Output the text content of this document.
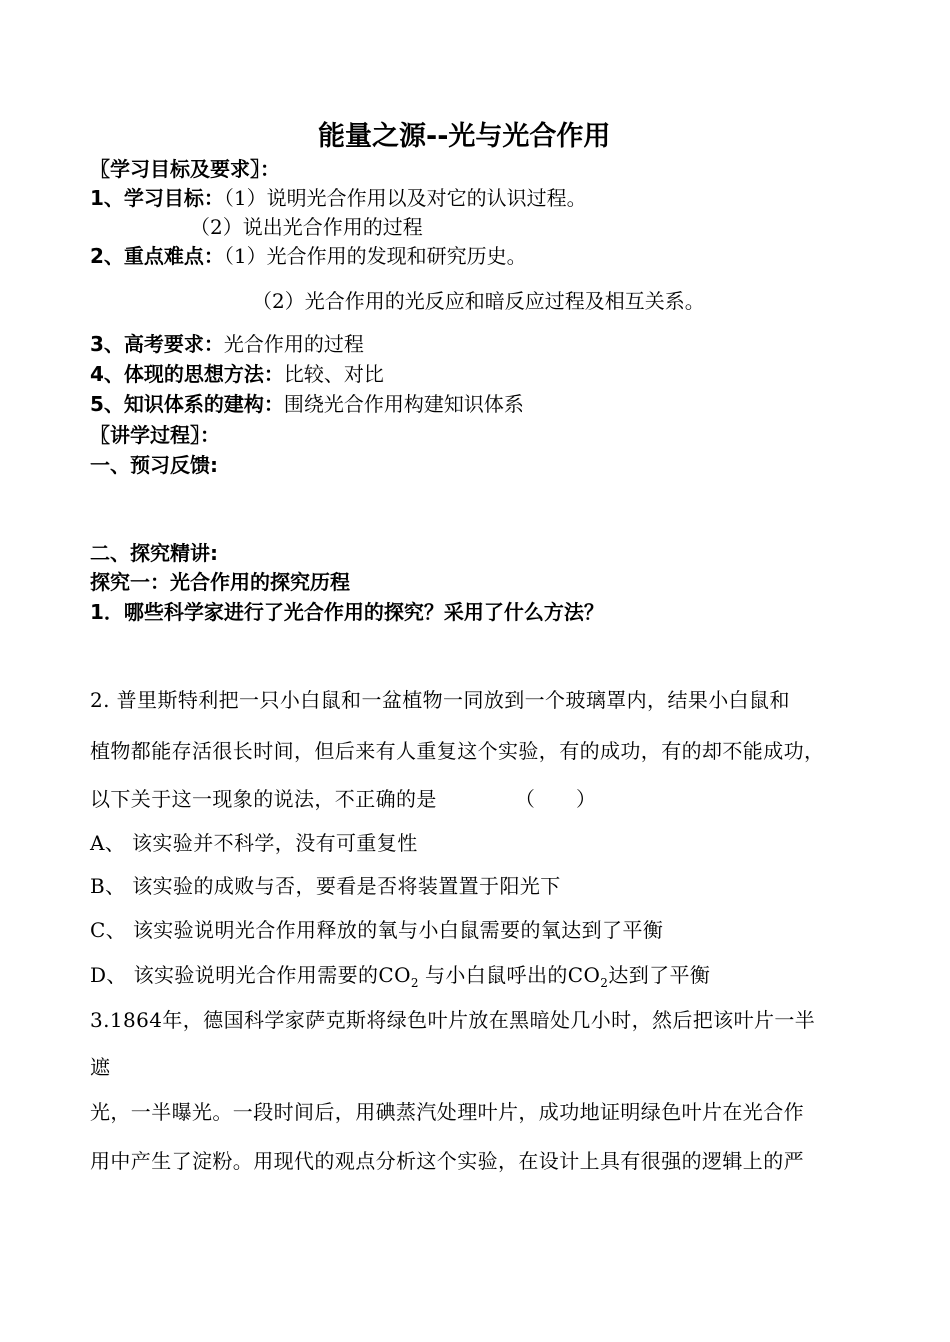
能量之源--光与光合作用
〖学习目标及要求〗：
1、学习目标：（1）说明光合作用以及对它的认识过程。
（2）说出光合作用的过程
2、重点难点：（1）光合作用的发现和研究历史。
（2）光合作用的光反应和暗反应过程及相互关系。
3、高考要求：光合作用的过程
4、体现的思想方法：比较、对比
5、知识体系的建构：围绕光合作用构建知识体系
〖讲学过程〗：
一、预习反馈:
二、探究精讲:
探究一：光合作用的探究历程
1．哪些科学家进行了光合作用的探究？采用了什么方法？
2. 普里斯特利把一只小白鼠和一盆植物一同放到一个玻璃罩内，结果小白鼠和
植物都能存活很长时间，但后来有人重复这个实验，有的成功，有的却不能成功，
以下关于这一现象的说法，不正确的是	（　　）
A、 该实验并不科学，没有可重复性
B、 该实验的成败与否，要看是否将装置置于阳光下
C、 该实验说明光合作用释放的氧与小白鼠需要的氧达到了平衡
D、 该实验说明光合作用需要的$CO_2$ 与小白鼠呼出的$CO_2$达到了平衡
3.1864年，德国科学家萨克斯将绿色叶片放在黑暗处几小时，然后把该叶片一半
遮
光，一半曝光。一段时间后，用碘蒸汽处理叶片，成功地证明绿色叶片在光合作
用中产生了淀粉。用现代的观点分析这个实验，在设计上具有很强的逻辑上的严
